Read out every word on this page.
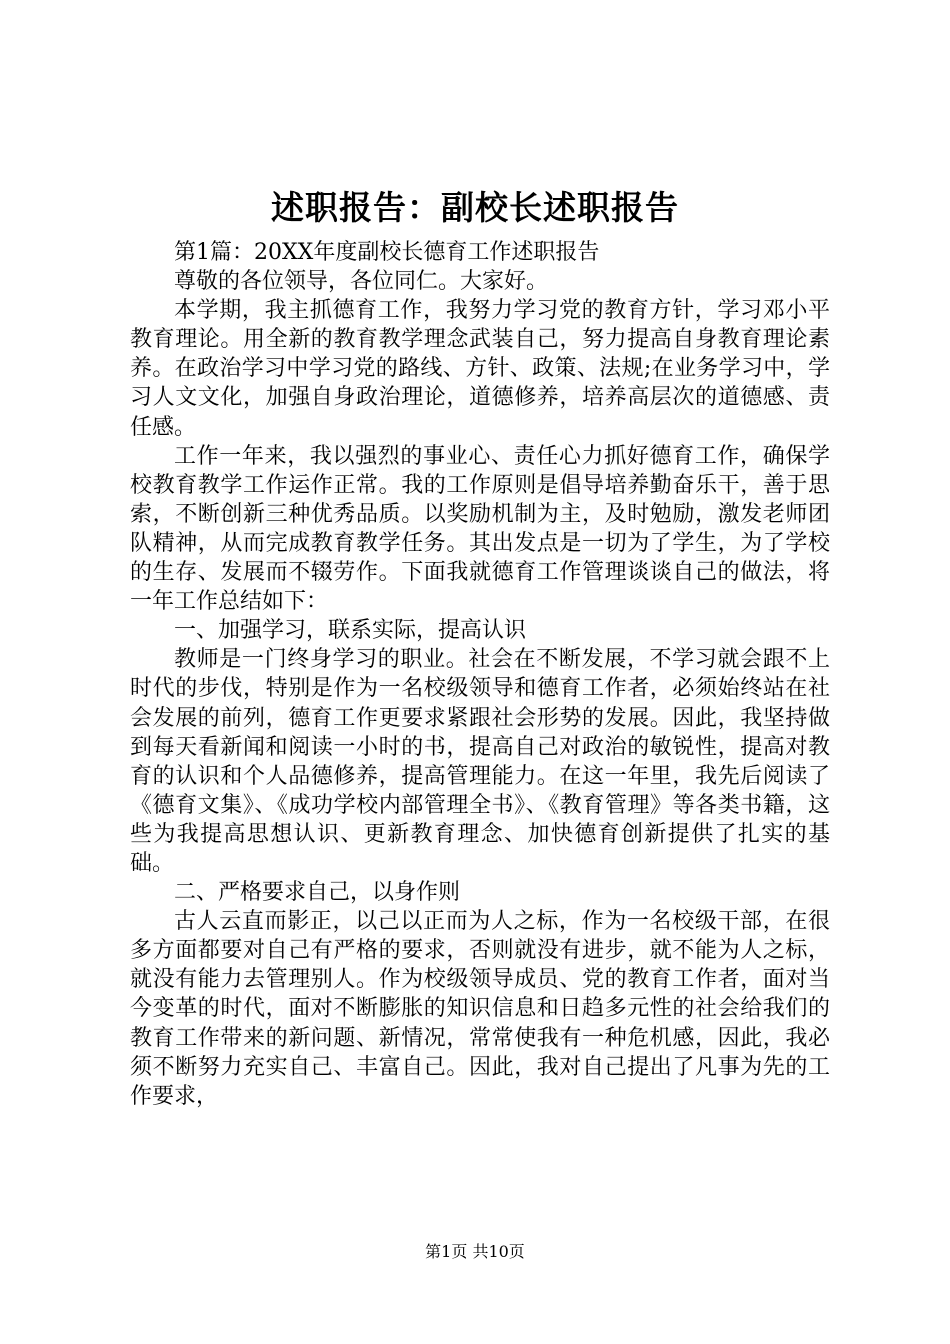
述职报告：副校长述职报告

第1篇：20XX年度副校长德育工作述职报告

尊敬的各位领导，各位同仁。大家好。

本学期，我主抓德育工作，我努力学习党的教育方针，学习邓小平教育理论。用全新的教育教学理念武装自己，努力提高自身教育理论素养。在政治学习中学习党的路线、方针、政策、法规;在业务学习中，学习人文文化，加强自身政治理论，道德修养，培养高层次的道德感、责任感。

工作一年来，我以强烈的事业心、责任心力抓好德育工作，确保学校教育教学工作运作正常。我的工作原则是倡导培养勤奋乐干，善于思索，不断创新三种优秀品质。以奖励机制为主，及时勉励，激发老师团队精神，从而完成教育教学任务。其出发点是一切为了学生，为了学校的生存、发展而不辍劳作。下面我就德育工作管理谈谈自己的做法，将一年工作总结如下：

一、加强学习，联系实际，提高认识

教师是一门终身学习的职业。社会在不断发展，不学习就会跟不上时代的步伐，特别是作为一名校级领导和德育工作者，必须始终站在社会发展的前列，德育工作更要求紧跟社会形势的发展。因此，我坚持做到每天看新闻和阅读一小时的书，提高自己对政治的敏锐性，提高对教育的认识和个人品德修养，提高管理能力。在这一年里，我先后阅读了《德育文集》、《成功学校内部管理全书》、《教育管理》等各类书籍，这些为我提高思想认识、更新教育理念、加快德育创新提供了扎实的基础。

二、严格要求自己，以身作则

古人云直而影正，以己以正而为人之标，作为一名校级干部，在很多方面都要对自己有严格的要求，否则就没有进步，就不能为人之标，就没有能力去管理别人。作为校级领导成员、党的教育工作者，面对当今变革的时代，面对不断膨胀的知识信息和日趋多元性的社会给我们的教育工作带来的新问题、新情况，常常使我有一种危机感，因此，我必须不断努力充实自己、丰富自己。因此，我对自己提出了凡事为先的工作要求，

第1页 共10页
